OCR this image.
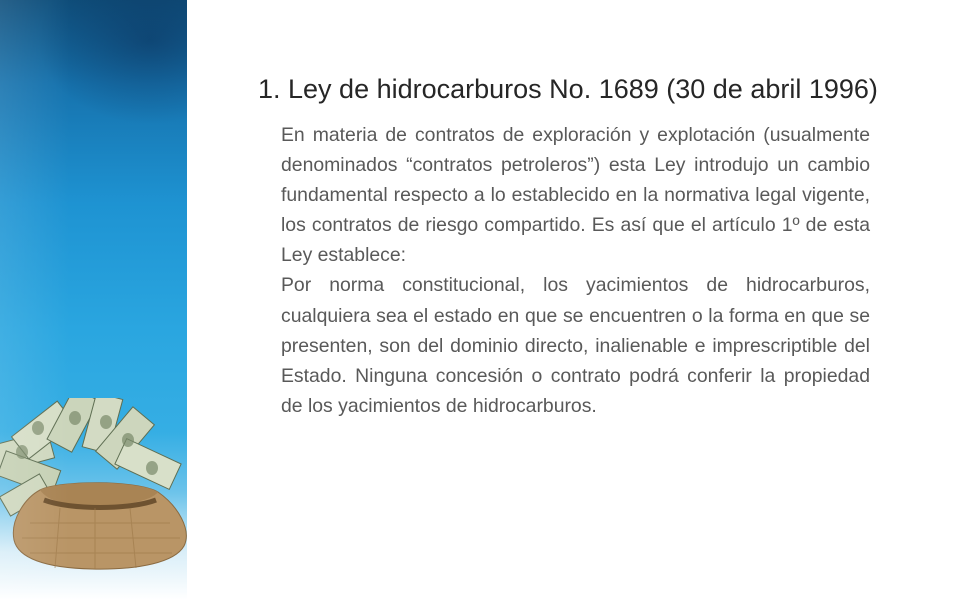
1. Ley de hidrocarburos No. 1689 (30 de abril 1996)

En materia de contratos de exploración y explotación (usualmente denominados “contratos petroleros”) esta Ley introdujo un cambio fundamental respecto a lo establecido en la normativa legal vigente, los contratos de riesgo compartido. Es así que el artículo 1º de esta Ley establece:

Por norma constitucional, los yacimientos de hidrocarburos, cualquiera sea el estado en que se encuentren o la forma en que se presenten, son del dominio directo, inalienable e imprescriptible del Estado. Ninguna concesión o contrato podrá conferir la propiedad de los yacimientos de hidrocarburos.
